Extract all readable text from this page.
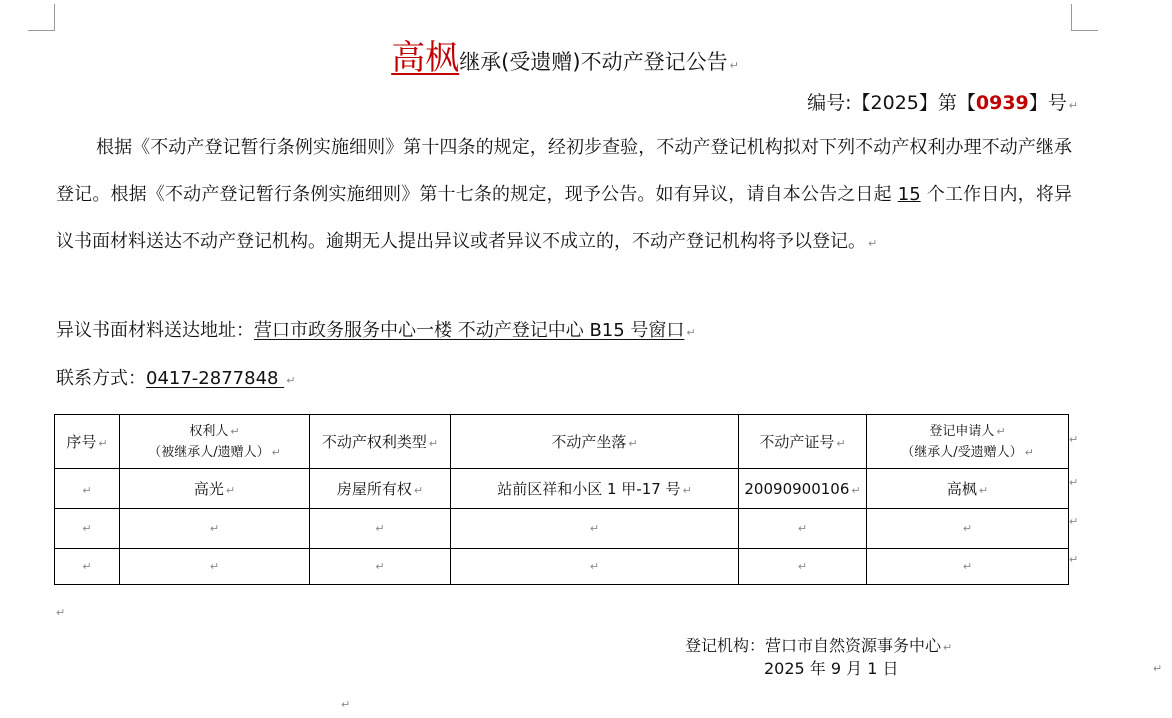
高枫继承(受遗赠)不动产登记公告 ↵
编号:【2025】第【0939】号 ↵
根据《不动产登记暂行条例实施细则》第十四条的规定，经初步查验，不动产登记机构拟对下列不动产权利办理不动产继承登记。根据《不动产登记暂行条例实施细则》第十七条的规定，现予公告。如有异议，请自本公告之日起 15 个工作日内，将异议书面材料送达不动产登记机构。逾期无人提出异议或者异议不成立的，不动产登记机构将予以登记。 ↵
异议书面材料送达地址：营口市政务服务中心一楼 不动产登记中心 B15 号窗口 ↵
联系方式：0417-2877848 ↵
序号 ↵	权利人 ↵
（被继承人/遗赠人） ↵	不动产权利类型 ↵	不动产坐落 ↵	不动产证号 ↵	登记申请人 ↵
（继承人/受遗赠人） ↵

↵	高光 ↵	房屋所有权 ↵	站前区祥和小区 1 甲-17 号 ↵	20090900106 ↵	高枫 ↵
↵	↵	↵	↵	↵	↵
↵	↵	↵	↵	↵	↵
↵
↵
↵
↵
↵
登记机构：营口市自然资源事务中心 ↵
2025 年 9 月 1 日	↵
↵
